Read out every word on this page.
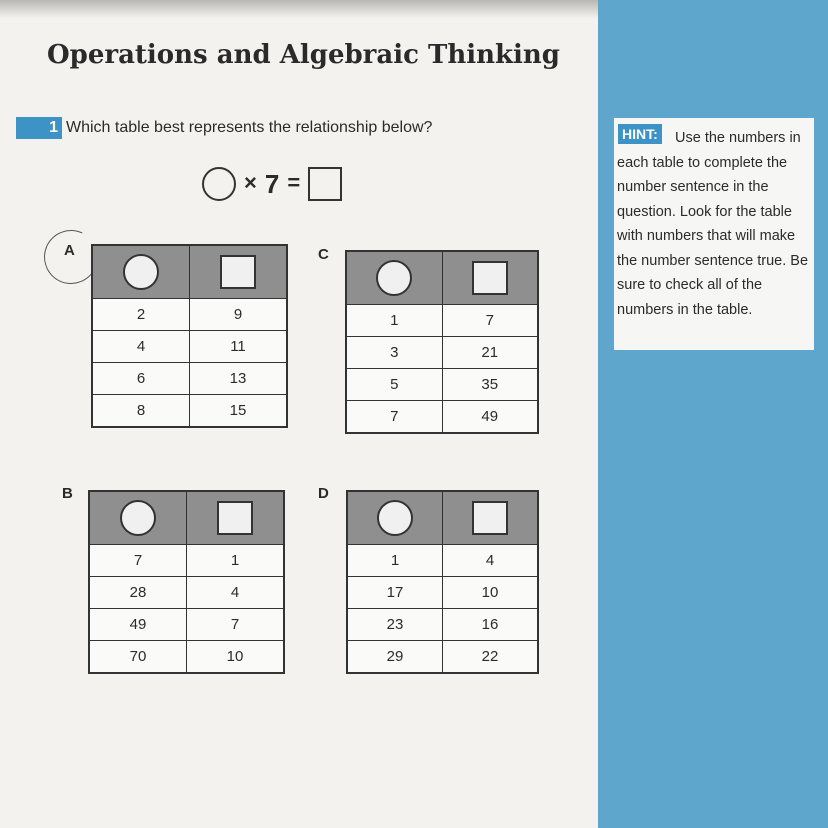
Operations and Algebraic Thinking
1 Which table best represents the relationship below?
× 7 =
Use the numbers in each table to complete the number sentence in the question. Look for the table with numbers that will make the number sentence true. Be sure to check all of the numbers in the table.
HINT:
A

2	9
4	11
6	13
8	15
C

1	7
3	21
5	35
7	49
B

7	1
28	4
49	7
70	10
D

1	4
17	10
23	16
29	22
